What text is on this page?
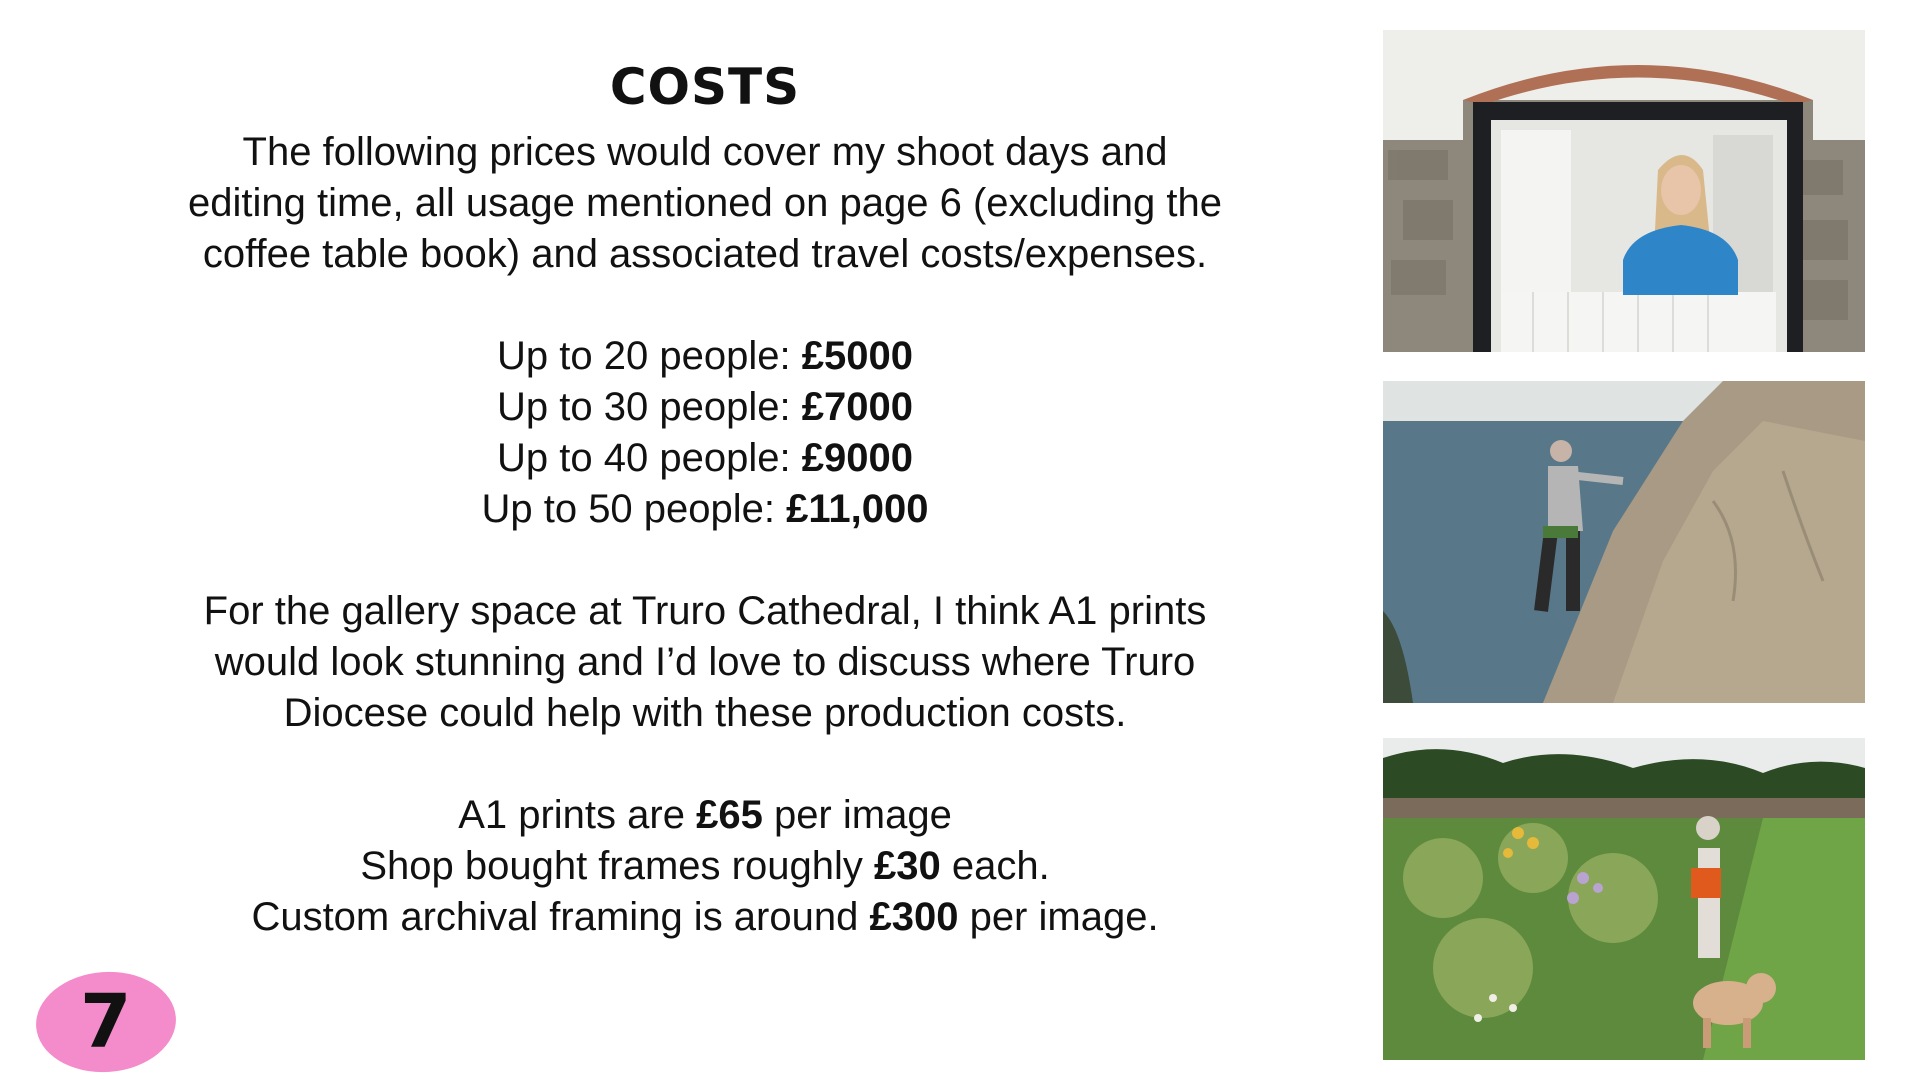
COSTS

The following prices would cover my shoot days and
editing time, all usage mentioned on page 6 (excluding the
coffee table book) and associated travel costs/expenses.

Up to 20 people: £5000
Up to 30 people: £7000
Up to 40 people: £9000
Up to 50 people: £11,000

For the gallery space at Truro Cathedral, I think A1 prints
would look stunning and I’d love to discuss where Truro
Diocese could help with these production costs.

A1 prints are £65 per image
Shop bought frames roughly £30 each.
Custom archival framing is around £300 per image.

7
